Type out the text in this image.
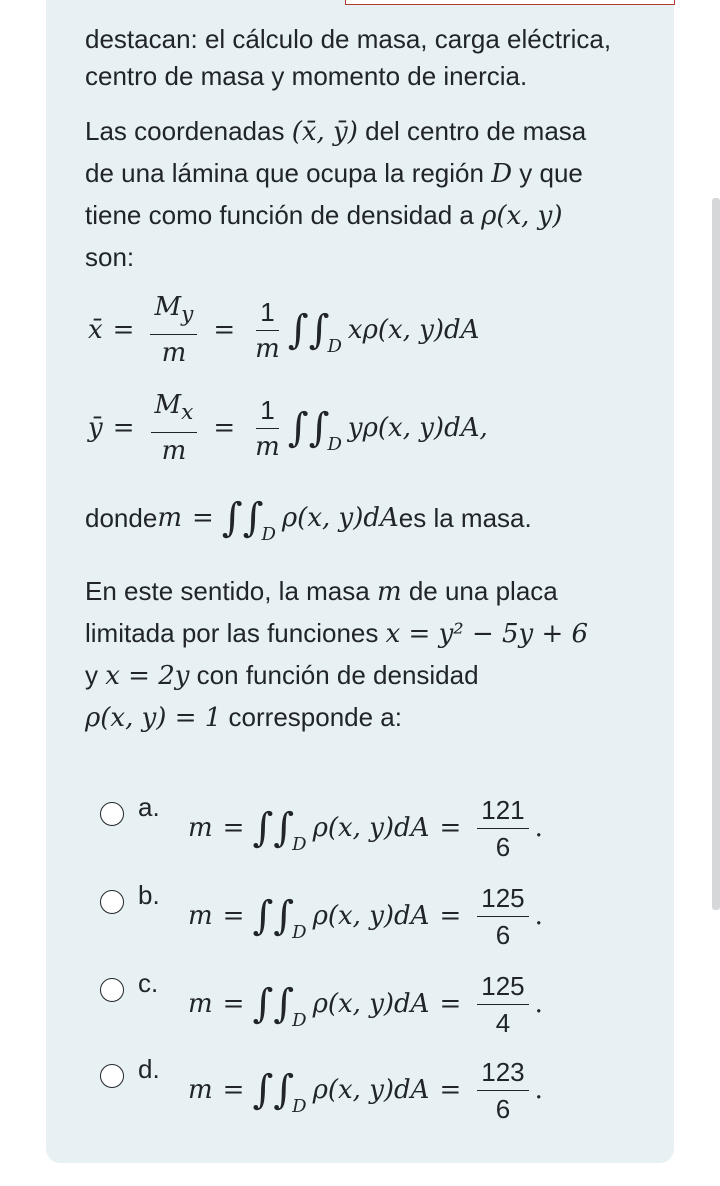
destacan: el cálculo de masa, carga eléctrica,
centro de masa y momento de inercia.
Las coordenadas (x̄, ȳ) del centro de masa
de una lámina que ocupa la región D y que
tiene como función de densidad a ρ(x, y)
son:
x̄ = $\frac{M_y}{m} = \frac{1}{m}$ ∫∫
D
xρ(x, y)dA
ȳ = $\frac{M_x}{m} = \frac{1}{m}$ ∫∫
D
yρ(x, y)dA,
donde m = ∫∫
D
ρ(x, y)dA es la masa.
En este sentido, la masa m de una placa
limitada por las funciones x = y² − 5y + 6
y x = 2y con función de densidad
ρ(x, y) = 1 corresponde a:
a.
m = ∫∫
D
ρ(x, $y)dA = \frac{121}{6}$ .
b.
m = ∫∫
D
ρ(x, $y)dA = \frac{125}{6}$ .
c.
m = ∫∫
D
ρ(x, $y)dA = \frac{125}{4}$ .
d.
m = ∫∫
D
ρ(x, $y)dA = \frac{123}{6}$ .
